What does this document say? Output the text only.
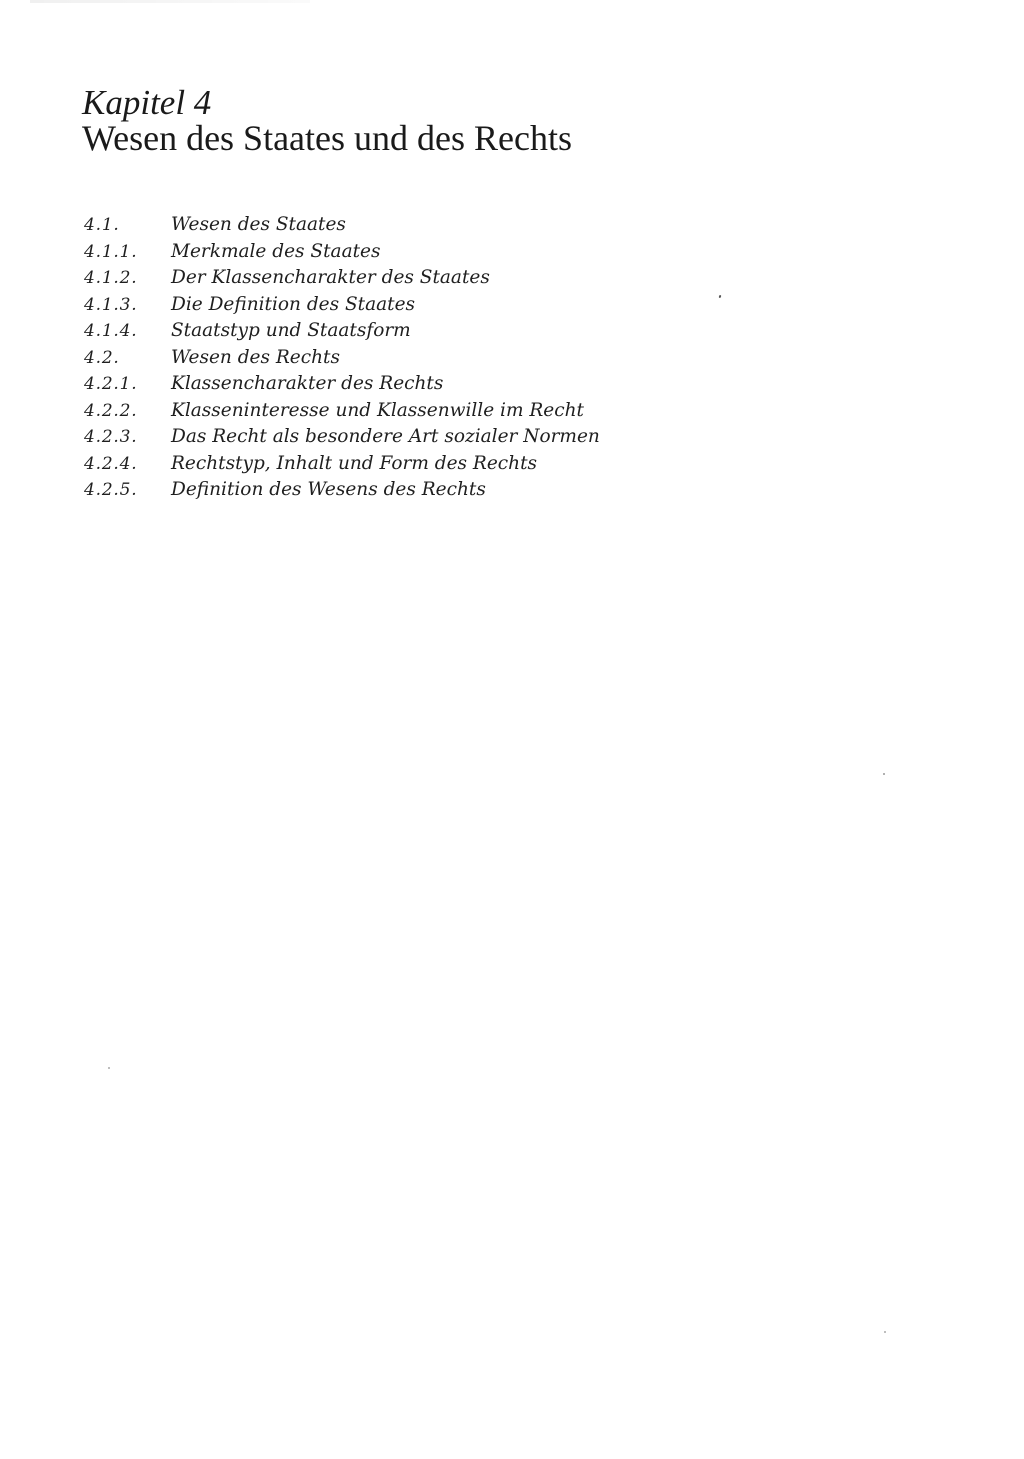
Kapitel 4
Wesen des Staates und des Rechts
4.1.	Wesen des Staates
4.1.1.	Merkmale des Staates
4.1.2.	Der Klassencharakter des Staates
4.1.3.	Die Definition des Staates
4.1.4.	Staatstyp und Staatsform
4.2.	Wesen des Rechts
4.2.1.	Klassencharakter des Rechts
4.2.2.	Klasseninteresse und Klassenwille im Recht
4.2.3.	Das Recht als besondere Art sozialer Normen
4.2.4.	Rechtstyp, Inhalt und Form des Rechts
4.2.5.	Definition des Wesens des Rechts
